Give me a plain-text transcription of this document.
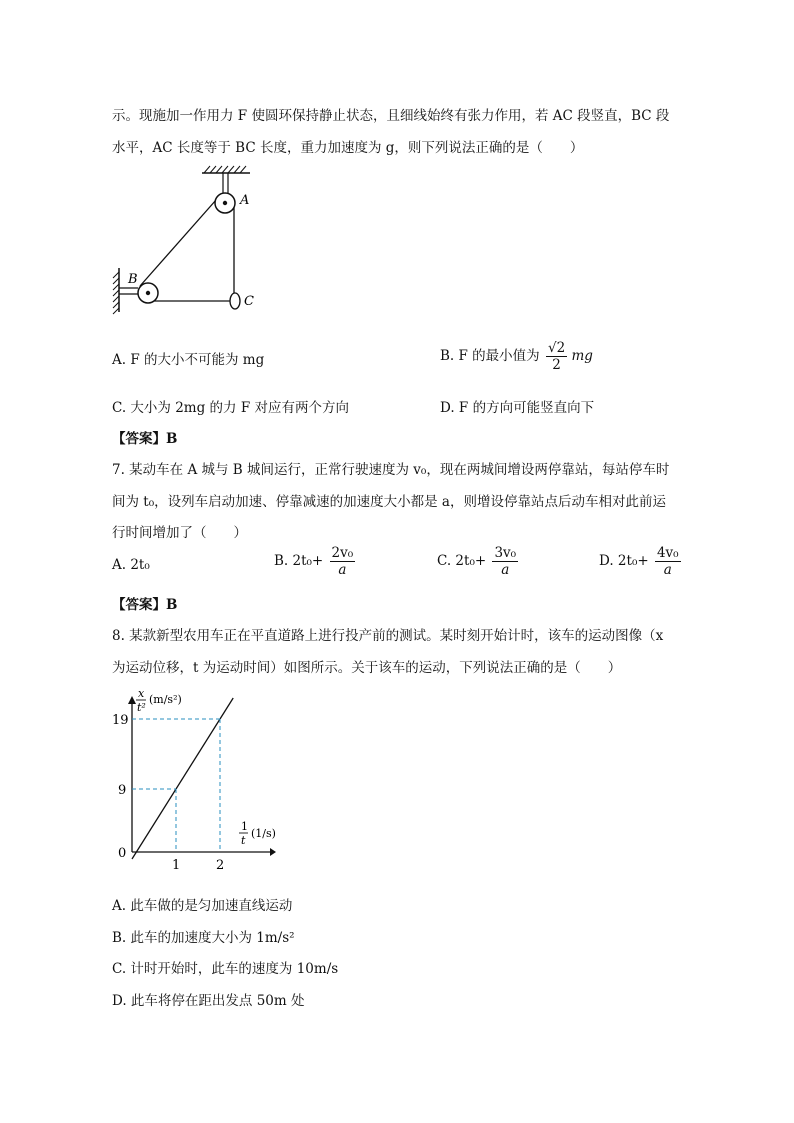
示。现施加一作用力 F 使圆环保持静止状态，且细线始终有张力作用，若 AC 段竖直，BC 段
水平，AC 长度等于 BC 长度，重力加速度为 g，则下列说法正确的是（　　）
A
B
C
A. F 的大小不可能为 mg	B. F 的最小值为 $\frac{√2}{2}$ mg
C. 大小为 2mg 的力 F 对应有两个方向	D. F 的方向可能竖直向下
【答案】B
7. 某动车在 A 城与 B 城间运行，正常行驶速度为 v₀，现在两城间增设两停靠站，每站停车时
间为 t₀，设列车启动加速、停靠减速的加速度大小都是 a，则增设停靠站点后动车相对此前运
行时间增加了（　　）
A. 2t₀	B. $2t_0+ \frac{\text{2v₀}}{a}$	C. $2t_0+ \frac{\text{3v₀}}{a}$	D. $2t_0+ \frac{\text{4v₀}}{a}$
【答案】B
8. 某款新型农用车正在平直道路上进行投产前的测试。某时刻开始计时，该车的运动图像（x
为运动位移，t 为运动时间）如图所示。关于该车的运动，下列说法正确的是（　　）
0
1	2
9
19
x
t²
(m/s²)
1
t
(1/s)
A. 此车做的是匀加速直线运动
B. 此车的加速度大小为 1m/s²
C. 计时开始时，此车的速度为 10m/s
D. 此车将停在距出发点 50m 处
